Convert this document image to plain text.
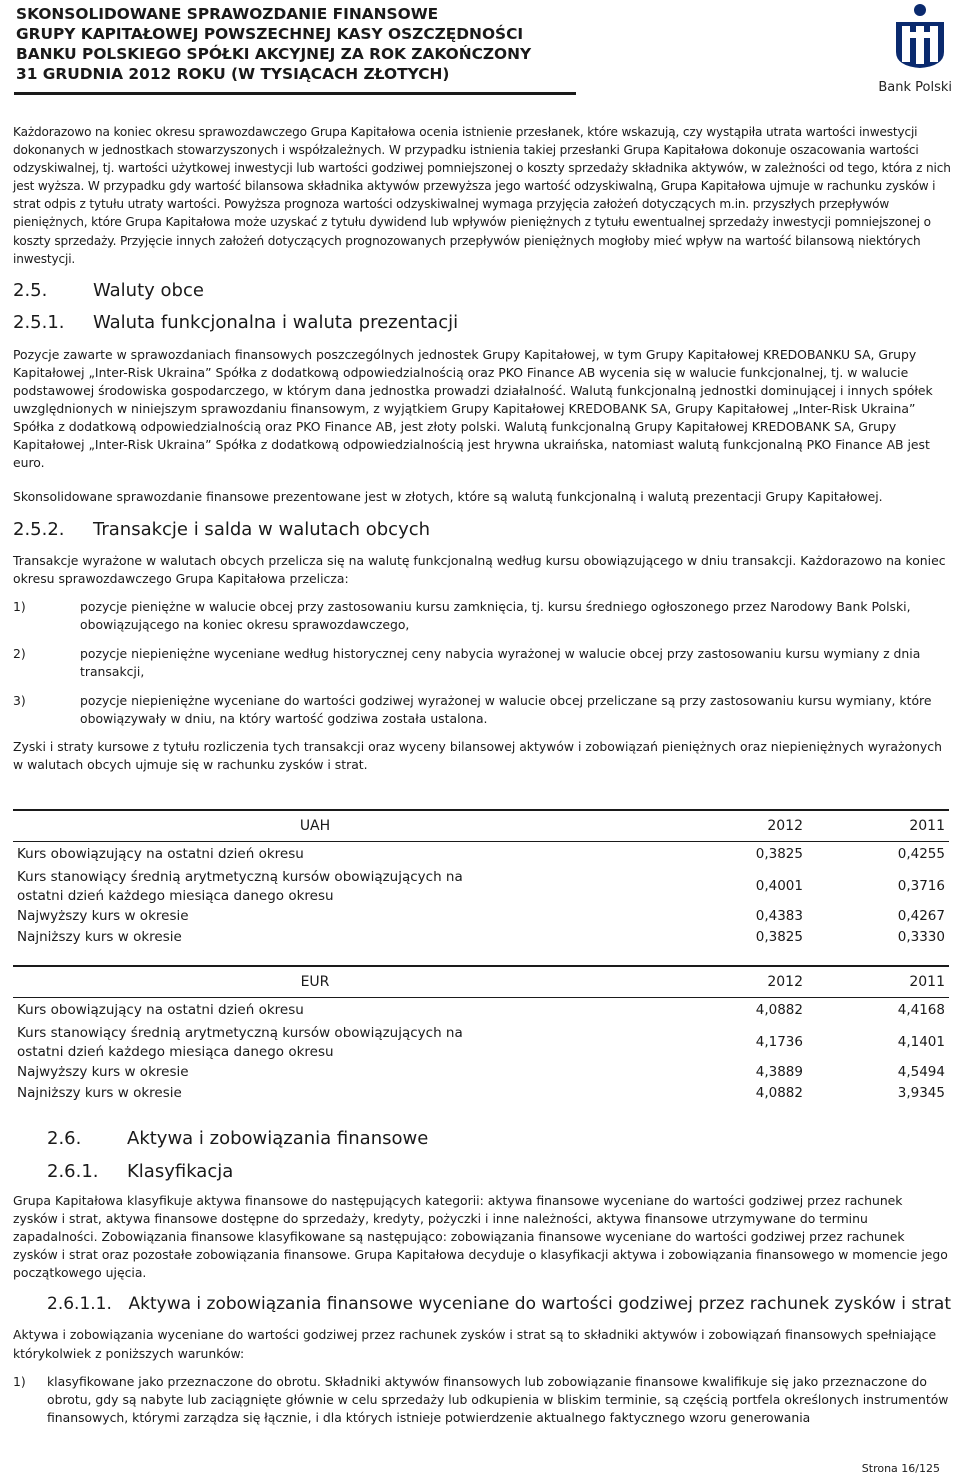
SKONSOLIDOWANE SPRAWOZDANIE FINANSOWE
GRUPY KAPITAŁOWEJ POWSZECHNEJ KASY OSZCZĘDNOŚCI
BANKU POLSKIEGO SPÓŁKI AKCYJNEJ ZA ROK ZAKOŃCZONY
31 GRUDNIA 2012 ROKU (W TYSIĄCACH ZŁOTYCH)
Bank Polski

Każdorazowo na koniec okresu sprawozdawczego Grupa Kapitałowa ocenia istnienie przesłanek, które wskazują, czy wystąpiła utrata wartości inwestycji dokonanych w jednostkach stowarzyszonych i współzależnych. W przypadku istnienia takiej przesłanki Grupa Kapitałowa dokonuje oszacowania wartości odzyskiwalnej, tj. wartości użytkowej inwestycji lub wartości godziwej pomniejszonej o koszty sprzedaży składnika aktywów, w zależności od tego, która z nich jest wyższa. W przypadku gdy wartość bilansowa składnika aktywów przewyższa jego wartość odzyskiwalną, Grupa Kapitałowa ujmuje w rachunku zysków i strat odpis z tytułu utraty wartości. Powyższa prognoza wartości odzyskiwalnej wymaga przyjęcia założeń dotyczących m.in. przyszłych przepływów pieniężnych, które Grupa Kapitałowa może uzyskać z tytułu dywidend lub wpływów pieniężnych z tytułu ewentualnej sprzedaży inwestycji pomniejszonej o koszty sprzedaży. Przyjęcie innych założeń dotyczących prognozowanych przepływów pieniężnych mogłoby mieć wpływ na wartość bilansową niektórych inwestycji.

2.5.	Waluty obce
2.5.1.	Waluta funkcjonalna i waluta prezentacji

Pozycje zawarte w sprawozdaniach finansowych poszczególnych jednostek Grupy Kapitałowej, w tym Grupy Kapitałowej KREDOBANKU SA, Grupy Kapitałowej „Inter-Risk Ukraina” Spółka z dodatkową odpowiedzialnością oraz PKO Finance AB wycenia się w walucie funkcjonalnej, tj. w walucie podstawowej środowiska gospodarczego, w którym dana jednostka prowadzi działalność. Walutą funkcjonalną jednostki dominującej i innych spółek uwzględnionych w niniejszym sprawozdaniu finansowym, z wyjątkiem Grupy Kapitałowej KREDOBANK SA, Grupy Kapitałowej „Inter-Risk Ukraina” Spółka z dodatkową odpowiedzialnością oraz PKO Finance AB, jest złoty polski. Walutą funkcjonalną Grupy Kapitałowej KREDOBANK SA, Grupy Kapitałowej „Inter-Risk Ukraina” Spółka z dodatkową odpowiedzialnością jest hrywna ukraińska, natomiast walutą funkcjonalną PKO Finance AB jest euro.

Skonsolidowane sprawozdanie finansowe prezentowane jest w złotych, które są walutą funkcjonalną i walutą prezentacji Grupy Kapitałowej.

2.5.2.	Transakcje i salda w walutach obcych

Transakcje wyrażone w walutach obcych przelicza się na walutę funkcjonalną według kursu obowiązującego w dniu transakcji. Każdorazowo na koniec okresu sprawozdawczego Grupa Kapitałowa przelicza:

1)	pozycje pieniężne w walucie obcej przy zastosowaniu kursu zamknięcia, tj. kursu średniego ogłoszonego przez Narodowy Bank Polski, obowiązującego na koniec okresu sprawozdawczego,
2)	pozycje niepieniężne wyceniane według historycznej ceny nabycia wyrażonej w walucie obcej przy zastosowaniu kursu wymiany z dnia transakcji,
3)	pozycje niepieniężne wyceniane do wartości godziwej wyrażonej w walucie obcej przeliczane są przy zastosowaniu kursu wymiany, które obowiązywały w dniu, na który wartość godziwa została ustalona.

Zyski i straty kursowe z tytułu rozliczenia tych transakcji oraz wyceny bilansowej aktywów i zobowiązań pieniężnych oraz niepieniężnych wyrażonych w walutach obcych ujmuje się w rachunku zysków i strat.

UAH	2012	2011
Kurs obowiązujący na ostatni dzień okresu	0,3825	0,4255
Kurs stanowiący średnią arytmetyczną kursów obowiązujących na ostatni dzień każdego miesiąca danego okresu	0,4001	0,3716
Najwyższy kurs w okresie	0,4383	0,4267
Najniższy kurs w okresie	0,3825	0,3330
EUR	2012	2011
Kurs obowiązujący na ostatni dzień okresu	4,0882	4,4168
Kurs stanowiący średnią arytmetyczną kursów obowiązujących na ostatni dzień każdego miesiąca danego okresu	4,1736	4,1401
Najwyższy kurs w okresie	4,3889	4,5494
Najniższy kurs w okresie	4,0882	3,9345
2.6.	Aktywa i zobowiązania finansowe
2.6.1.	Klasyfikacja

Grupa Kapitałowa klasyfikuje aktywa finansowe do następujących kategorii: aktywa finansowe wyceniane do wartości godziwej przez rachunek zysków i strat, aktywa finansowe dostępne do sprzedaży, kredyty, pożyczki i inne należności, aktywa finansowe utrzymywane do terminu zapadalności. Zobowiązania finansowe klasyfikowane są następująco: zobowiązania finansowe wyceniane do wartości godziwej przez rachunek zysków i strat oraz pozostałe zobowiązania finansowe. Grupa Kapitałowa decyduje o klasyfikacji aktywa i zobowiązania finansowego w momencie jego początkowego ujęcia.

2.6.1.1. Aktywa i zobowiązania finansowe wyceniane do wartości godziwej przez rachunek zysków i strat

Aktywa i zobowiązania wyceniane do wartości godziwej przez rachunek zysków i strat są to składniki aktywów i zobowiązań finansowych spełniające którykolwiek z poniższych warunków:

1)	klasyfikowane jako przeznaczone do obrotu. Składniki aktywów finansowych lub zobowiązanie finansowe kwalifikuje się jako przeznaczone do obrotu, gdy są nabyte lub zaciągnięte głównie w celu sprzedaży lub odkupienia w bliskim terminie, są częścią portfela określonych instrumentów finansowych, którymi zarządza się łącznie, i dla których istnieje potwierdzenie aktualnego faktycznego wzoru generowania
Strona 16/125
